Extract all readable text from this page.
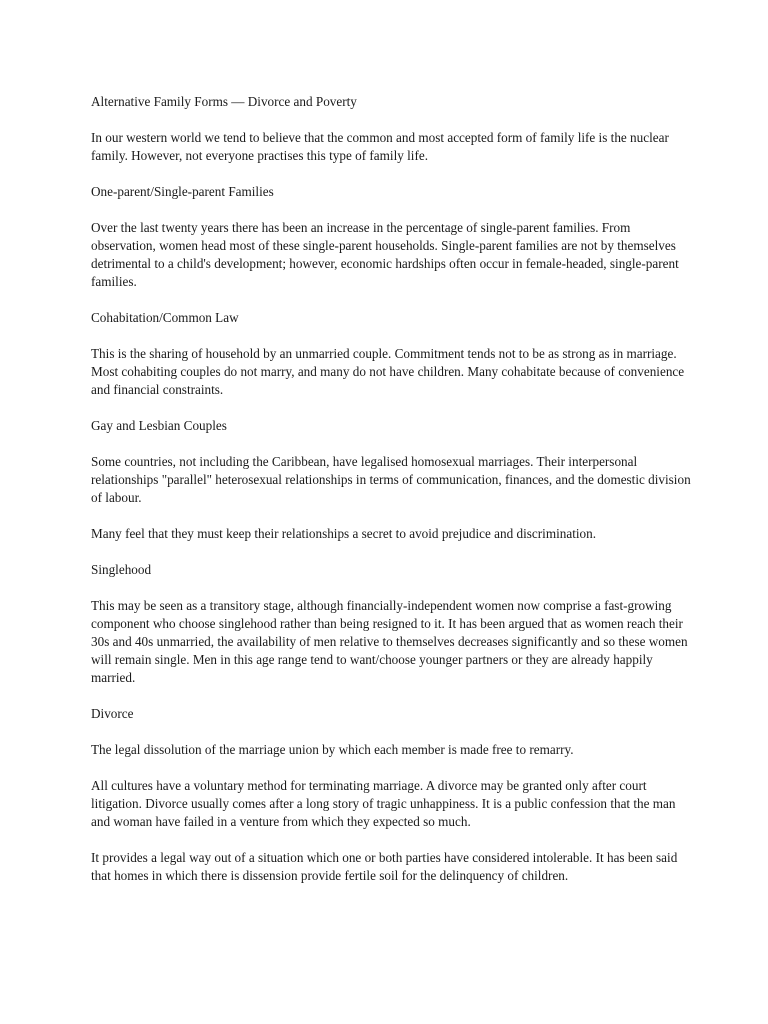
Alternative Family Forms — Divorce and Poverty

In our western world we tend to believe that the common and most accepted form of family life is the nuclear family. However, not everyone practises this type of family life.

One-parent/Single-parent Families

Over the last twenty years there has been an increase in the percentage of single-parent families. From observation, women head most of these single-parent households. Single-parent families are not by themselves detrimental to a child's development; however, economic hardships often occur in female-headed, single-parent families.

Cohabitation/Common Law

This is the sharing of household by an unmarried couple. Commitment tends not to be as strong as in marriage. Most cohabiting couples do not marry, and many do not have children. Many cohabitate because of convenience and financial constraints.

Gay and Lesbian Couples

Some countries, not including the Caribbean, have legalised homosexual marriages. Their interpersonal relationships "parallel" heterosexual relationships in terms of communication, finances, and the domestic division of labour.

Many feel that they must keep their relationships a secret to avoid prejudice and discrimination.

Singlehood

This may be seen as a transitory stage, although financially-independent women now comprise a fast-growing component who choose singlehood rather than being resigned to it. It has been argued that as women reach their 30s and 40s unmarried, the availability of men relative to themselves decreases significantly and so these women will remain single. Men in this age range tend to want/choose younger partners or they are already happily married.

Divorce

The legal dissolution of the marriage union by which each member is made free to remarry.

All cultures have a voluntary method for terminating marriage. A divorce may be granted only after court litigation. Divorce usually comes after a long story of tragic unhappiness. It is a public confession that the man and woman have failed in a venture from which they expected so much.

It provides a legal way out of a situation which one or both parties have considered intolerable. It has been said that homes in which there is dissension provide fertile soil for the delinquency of children.
